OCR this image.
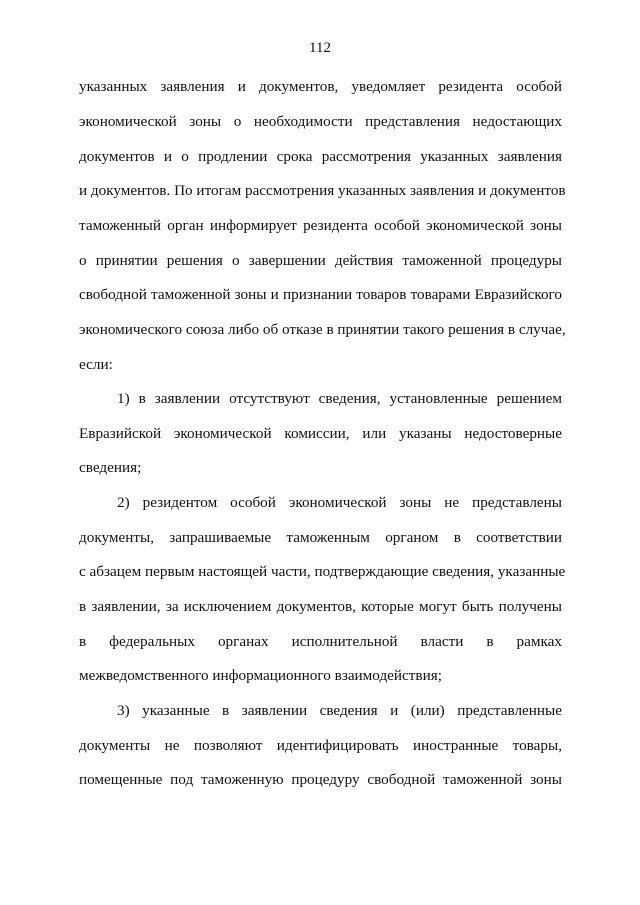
112
указанных заявления и документов, уведомляет резидента особой
экономической зоны о необходимости представления недостающих
документов и о продлении срока рассмотрения указанных заявления
и документов. По итогам рассмотрения указанных заявления и документов
таможенный орган информирует резидента особой экономической зоны
о принятии решения о завершении действия таможенной процедуры
свободной таможенной зоны и признании товаров товарами Евразийского
экономического союза либо об отказе в принятии такого решения в случае,
если:
1) в заявлении отсутствуют сведения, установленные решением
Евразийской экономической комиссии, или указаны недостоверные
сведения;
2) резидентом особой экономической зоны не представлены
документы, запрашиваемые таможенным органом в соответствии
с абзацем первым настоящей части, подтверждающие сведения, указанные
в заявлении, за исключением документов, которые могут быть получены
в федеральных органах исполнительной власти в рамках
межведомственного информационного взаимодействия;
3) указанные в заявлении сведения и (или) представленные
документы не позволяют идентифицировать иностранные товары,
помещенные под таможенную процедуру свободной таможенной зоны
